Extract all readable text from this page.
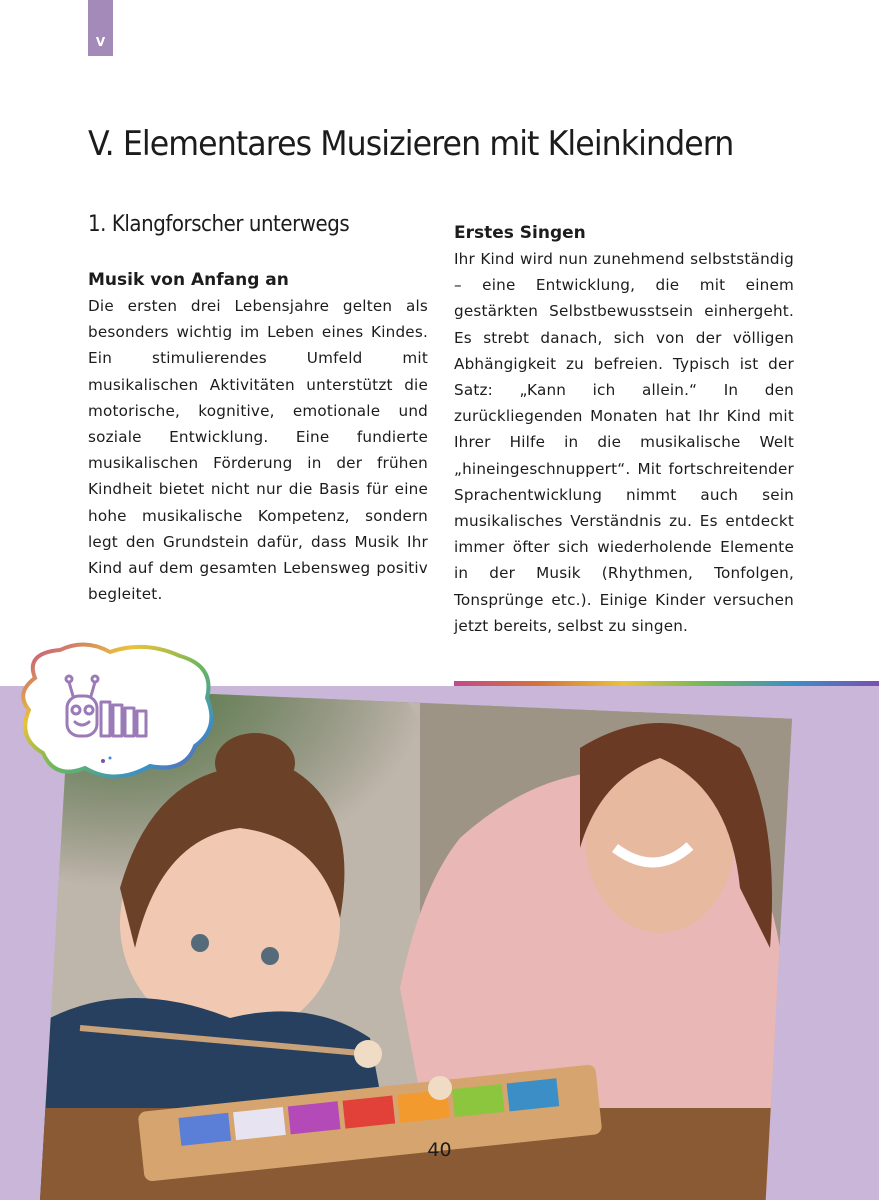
V
V. Elementares Musizieren mit Kleinkindern
1. Klangforscher unterwegs
Musik von Anfang an

Die ersten drei Lebensjahre gelten als besonders wichtig im Leben eines Kindes. Ein stimulierendes Umfeld mit musikalischen Aktivitäten unterstützt die motorische, kognitive, emotionale und soziale Entwicklung. Eine fundierte musikalischen Förderung in der frühen Kindheit bietet nicht nur die Basis für eine hohe musikalische Kompetenz, sondern legt den Grundstein dafür, dass Musik Ihr Kind auf dem gesamten Lebensweg positiv begleitet.

Erstes Singen

Ihr Kind wird nun zunehmend selbstständig – eine Entwicklung, die mit einem gestärkten Selbstbewusstsein einhergeht. Es strebt danach, sich von der völligen Abhängigkeit zu befreien. Typisch ist der Satz: „Kann ich allein.“ In den zurückliegenden Monaten hat Ihr Kind mit Ihrer Hilfe in die musikalische Welt „hineingeschnuppert“. Mit fortschreitender Sprachentwicklung nimmt auch sein musikalisches Verständnis zu. Es entdeckt immer öfter sich wiederholende Elemente in der Musik (Rhythmen, Tonfolgen, Tonsprünge etc.). Einige Kinder versuchen jetzt bereits, selbst zu singen.

40
